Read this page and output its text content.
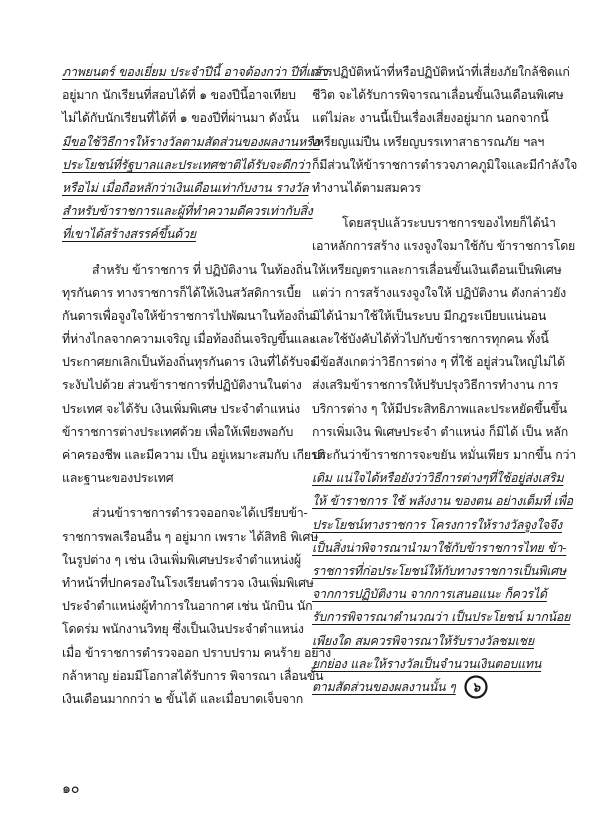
ภาพยนตร์ ของเยี่ยม ประจำปีนี้ อาจต้องกว่า ปีที่แล้ว
อยู่มาก นักเรียนที่สอบได้ที่ ๑ ของปีนี้อาจเทียบ
ไม่ได้กับนักเรียนที่ได้ที่ ๑ ของปีที่ผ่านมา ดังนั้น
มีขอใช้วิธีการให้รางวัลตามสัดส่วนของผลงานหรือ
ประโยชน์ที่รัฐบาลและประเทศชาติได้รับจะดีกว่า
หรือไม่ เมื่อถือหลักว่าเงินเดือนเท่ากับงาน รางวัล
สำหรับข้าราชการและผู้ที่ทำความดีควรเท่ากับสิ่ง
ที่เขาได้สร้างสรรค์ขึ้นด้วย
สำหรับ ข้าราชการ ที่ ปฏิบัติงาน ในท้องถิ่น
ทุรกันดาร ทางราชการก็ได้ให้เงินสวัสดิการเบี้ย
กันดารเพื่อจูงใจให้ข้าราชการไปพัฒนาในท้องถิ่น
ที่ห่างไกลจากความเจริญ เมื่อท้องถิ่นเจริญขึ้นและ
ประกาศยกเลิกเป็นท้องถิ่นทุรกันดาร เงินที่ได้รับจะ
ระงับไปด้วย ส่วนข้าราชการที่ปฏิบัติงานในต่าง
ประเทศ จะได้รับ เงินเพิ่มพิเศษ ประจำตำแหน่ง
ข้าราชการต่างประเทศด้วย เพื่อให้เพียงพอกับ
ค่าครองชีพ และมีความ เป็น อยู่เหมาะสมกับ เกียรติ
และฐานะของประเทศ
ส่วนข้าราชการตำรวจออกจะได้เปรียบข้า-
ราชการพลเรือนอื่น ๆ อยู่มาก เพราะ ได้สิทธิ พิเศษ
ในรูปต่าง ๆ เช่น เงินเพิ่มพิเศษประจำตำแหน่งผู้
ทำหน้าที่ปกครองในโรงเรียนตำรวจ เงินเพิ่มพิเศษ
ประจำตำแหน่งผู้ทำการในอากาศ เช่น นักบิน นัก
โดดร่ม พนักงานวิทยุ ซึ่งเป็นเงินประจำตำแหน่ง
เมื่อ ข้าราชการตำรวจออก ปราบปราม คนร้าย อย่าง
กล้าหาญ ย่อมมีโอกาสได้รับการ พิจารณา เลื่อนขั้น
เงินเดือนมากกว่า ๒ ขั้นได้ และเมื่อบาดเจ็บจาก
การปฏิบัติหน้าที่หรือปฏิบัติหน้าที่เสี่ยงภัยใกล้ชิดแก่
ชีวิต จะได้รับการพิจารณาเลื่อนขั้นเงินเดือนพิเศษ
แต่ไม่ละ งานนี้เป็นเรื่องเสี่ยงอยู่มาก นอกจากนี้
เหรียญแม่ปืน เหรียญบรรเทาสาธารณภัย ฯลฯ
ก็มีส่วนให้ข้าราชการตำรวจภาคภูมิใจและมีกำลังใจ
ทำงานได้ตามสมควร
โดยสรุปแล้วระบบราชการของไทยก็ได้นำ
เอาหลักการสร้าง แรงจูงใจมาใช้กับ ข้าราชการโดย
ให้เหรียญตราและการเลื่อนขั้นเงินเดือนเป็นพิเศษ
แต่ว่า การสร้างแรงจูงใจให้ ปฏิบัติงาน ดังกล่าวยัง
มิได้นำมาใช้ให้เป็นระบบ มีกฎระเบียบแน่นอน
และใช้บังคับได้ทั่วไปกับข้าราชการทุกคน ทั้งนี้
มีข้อสังเกตว่าวิธีการต่าง ๆ ที่ใช้ อยู่ส่วนใหญ่ไม่ได้
ส่งเสริมข้าราชการให้ปรับปรุงวิธีการทำงาน การ
บริการต่าง ๆ ให้มีประสิทธิภาพและประหยัดขึ้นขึ้น
การเพิ่มเงิน พิเศษประจำ ตำแหน่ง ก็มิได้ เป็น หลัก
ประกันว่าข้าราชการจะขยัน หมั่นเพียร มากขึ้น กว่า
เดิม แน่ใจได้หรือยังว่าวิธีการต่างๆที่ใช้อยู่ส่งเสริม
ให้ ข้าราชการ ใช้ พลังงาน ของตน อย่างเต็มที่ เพื่อ
ประโยชน์ทางราชการ โครงการให้รางวัลจูงใจจึง
เป็นสิ่งน่าพิจารณานำมาใช้กับข้าราชการไทย ข้า-
ราชการที่ก่อประโยชน์ให้กับทางราชการเป็นพิเศษ
จากการปฏิบัติงาน จากการเสนอแนะ ก็ควรได้
รับการพิจารณาตำนวณว่า เป็นประโยชน์ มากน้อย
เพียงใด สมควรพิจารณาให้รับรางวัลชมเชย
ยกย่อง และให้รางวัลเป็นจำนวนเงินตอบแทน
ตามสัดส่วนของผลงานนั้น ๆ ๖
๑๐
